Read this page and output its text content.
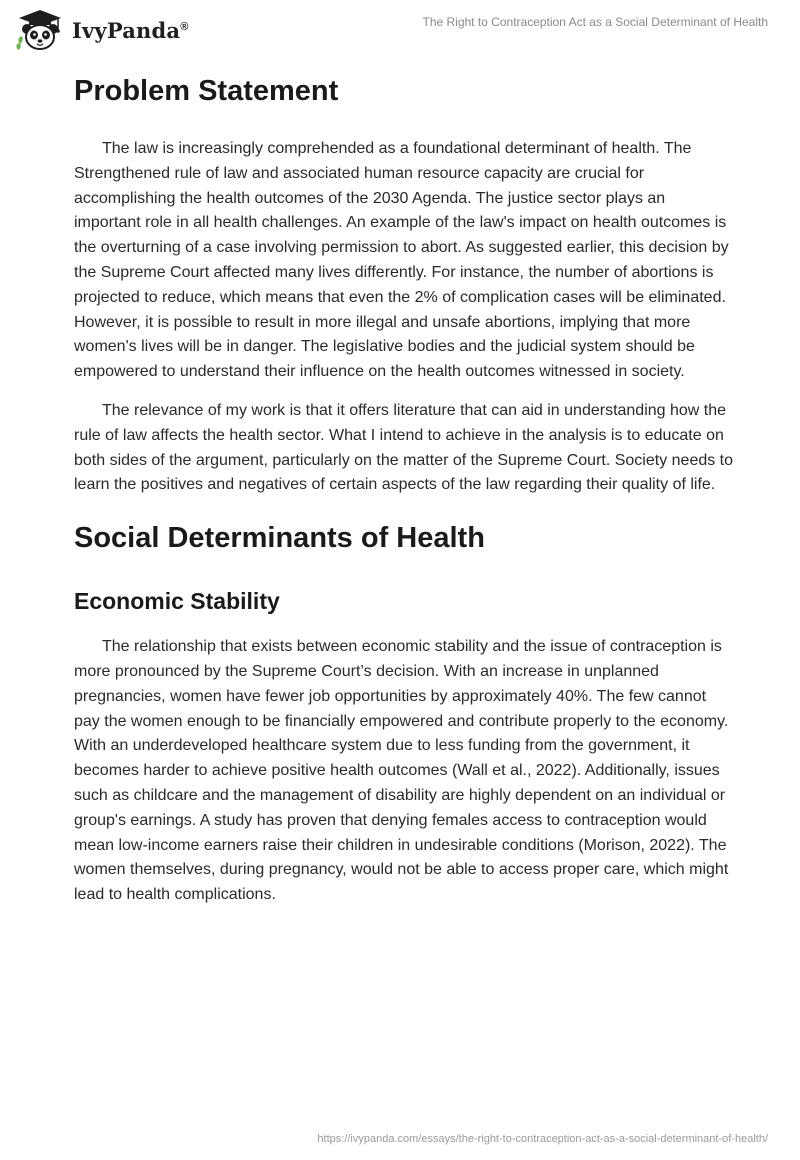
IvyPanda®	The Right to Contraception Act as a Social Determinant of Health
Problem Statement

The law is increasingly comprehended as a foundational determinant of health. The Strengthened rule of law and associated human resource capacity are crucial for accomplishing the health outcomes of the 2030 Agenda. The justice sector plays an important role in all health challenges. An example of the law's impact on health outcomes is the overturning of a case involving permission to abort. As suggested earlier, this decision by the Supreme Court affected many lives differently. For instance, the number of abortions is projected to reduce, which means that even the 2% of complication cases will be eliminated. However, it is possible to result in more illegal and unsafe abortions, implying that more women's lives will be in danger. The legislative bodies and the judicial system should be empowered to understand their influence on the health outcomes witnessed in society.

The relevance of my work is that it offers literature that can aid in understanding how the rule of law affects the health sector. What I intend to achieve in the analysis is to educate on both sides of the argument, particularly on the matter of the Supreme Court. Society needs to learn the positives and negatives of certain aspects of the law regarding their quality of life.

Social Determinants of Health
Economic Stability

The relationship that exists between economic stability and the issue of contraception is more pronounced by the Supreme Court’s decision. With an increase in unplanned pregnancies, women have fewer job opportunities by approximately 40%. The few cannot pay the women enough to be financially empowered and contribute properly to the economy. With an underdeveloped healthcare system due to less funding from the government, it becomes harder to achieve positive health outcomes (Wall et al., 2022). Additionally, issues such as childcare and the management of disability are highly dependent on an individual or group's earnings. A study has proven that denying females access to contraception would mean low-income earners raise their children in undesirable conditions (Morison, 2022). The women themselves, during pregnancy, would not be able to access proper care, which might lead to health complications.

https://ivypanda.com/essays/the-right-to-contraception-act-as-a-social-determinant-of-health/
